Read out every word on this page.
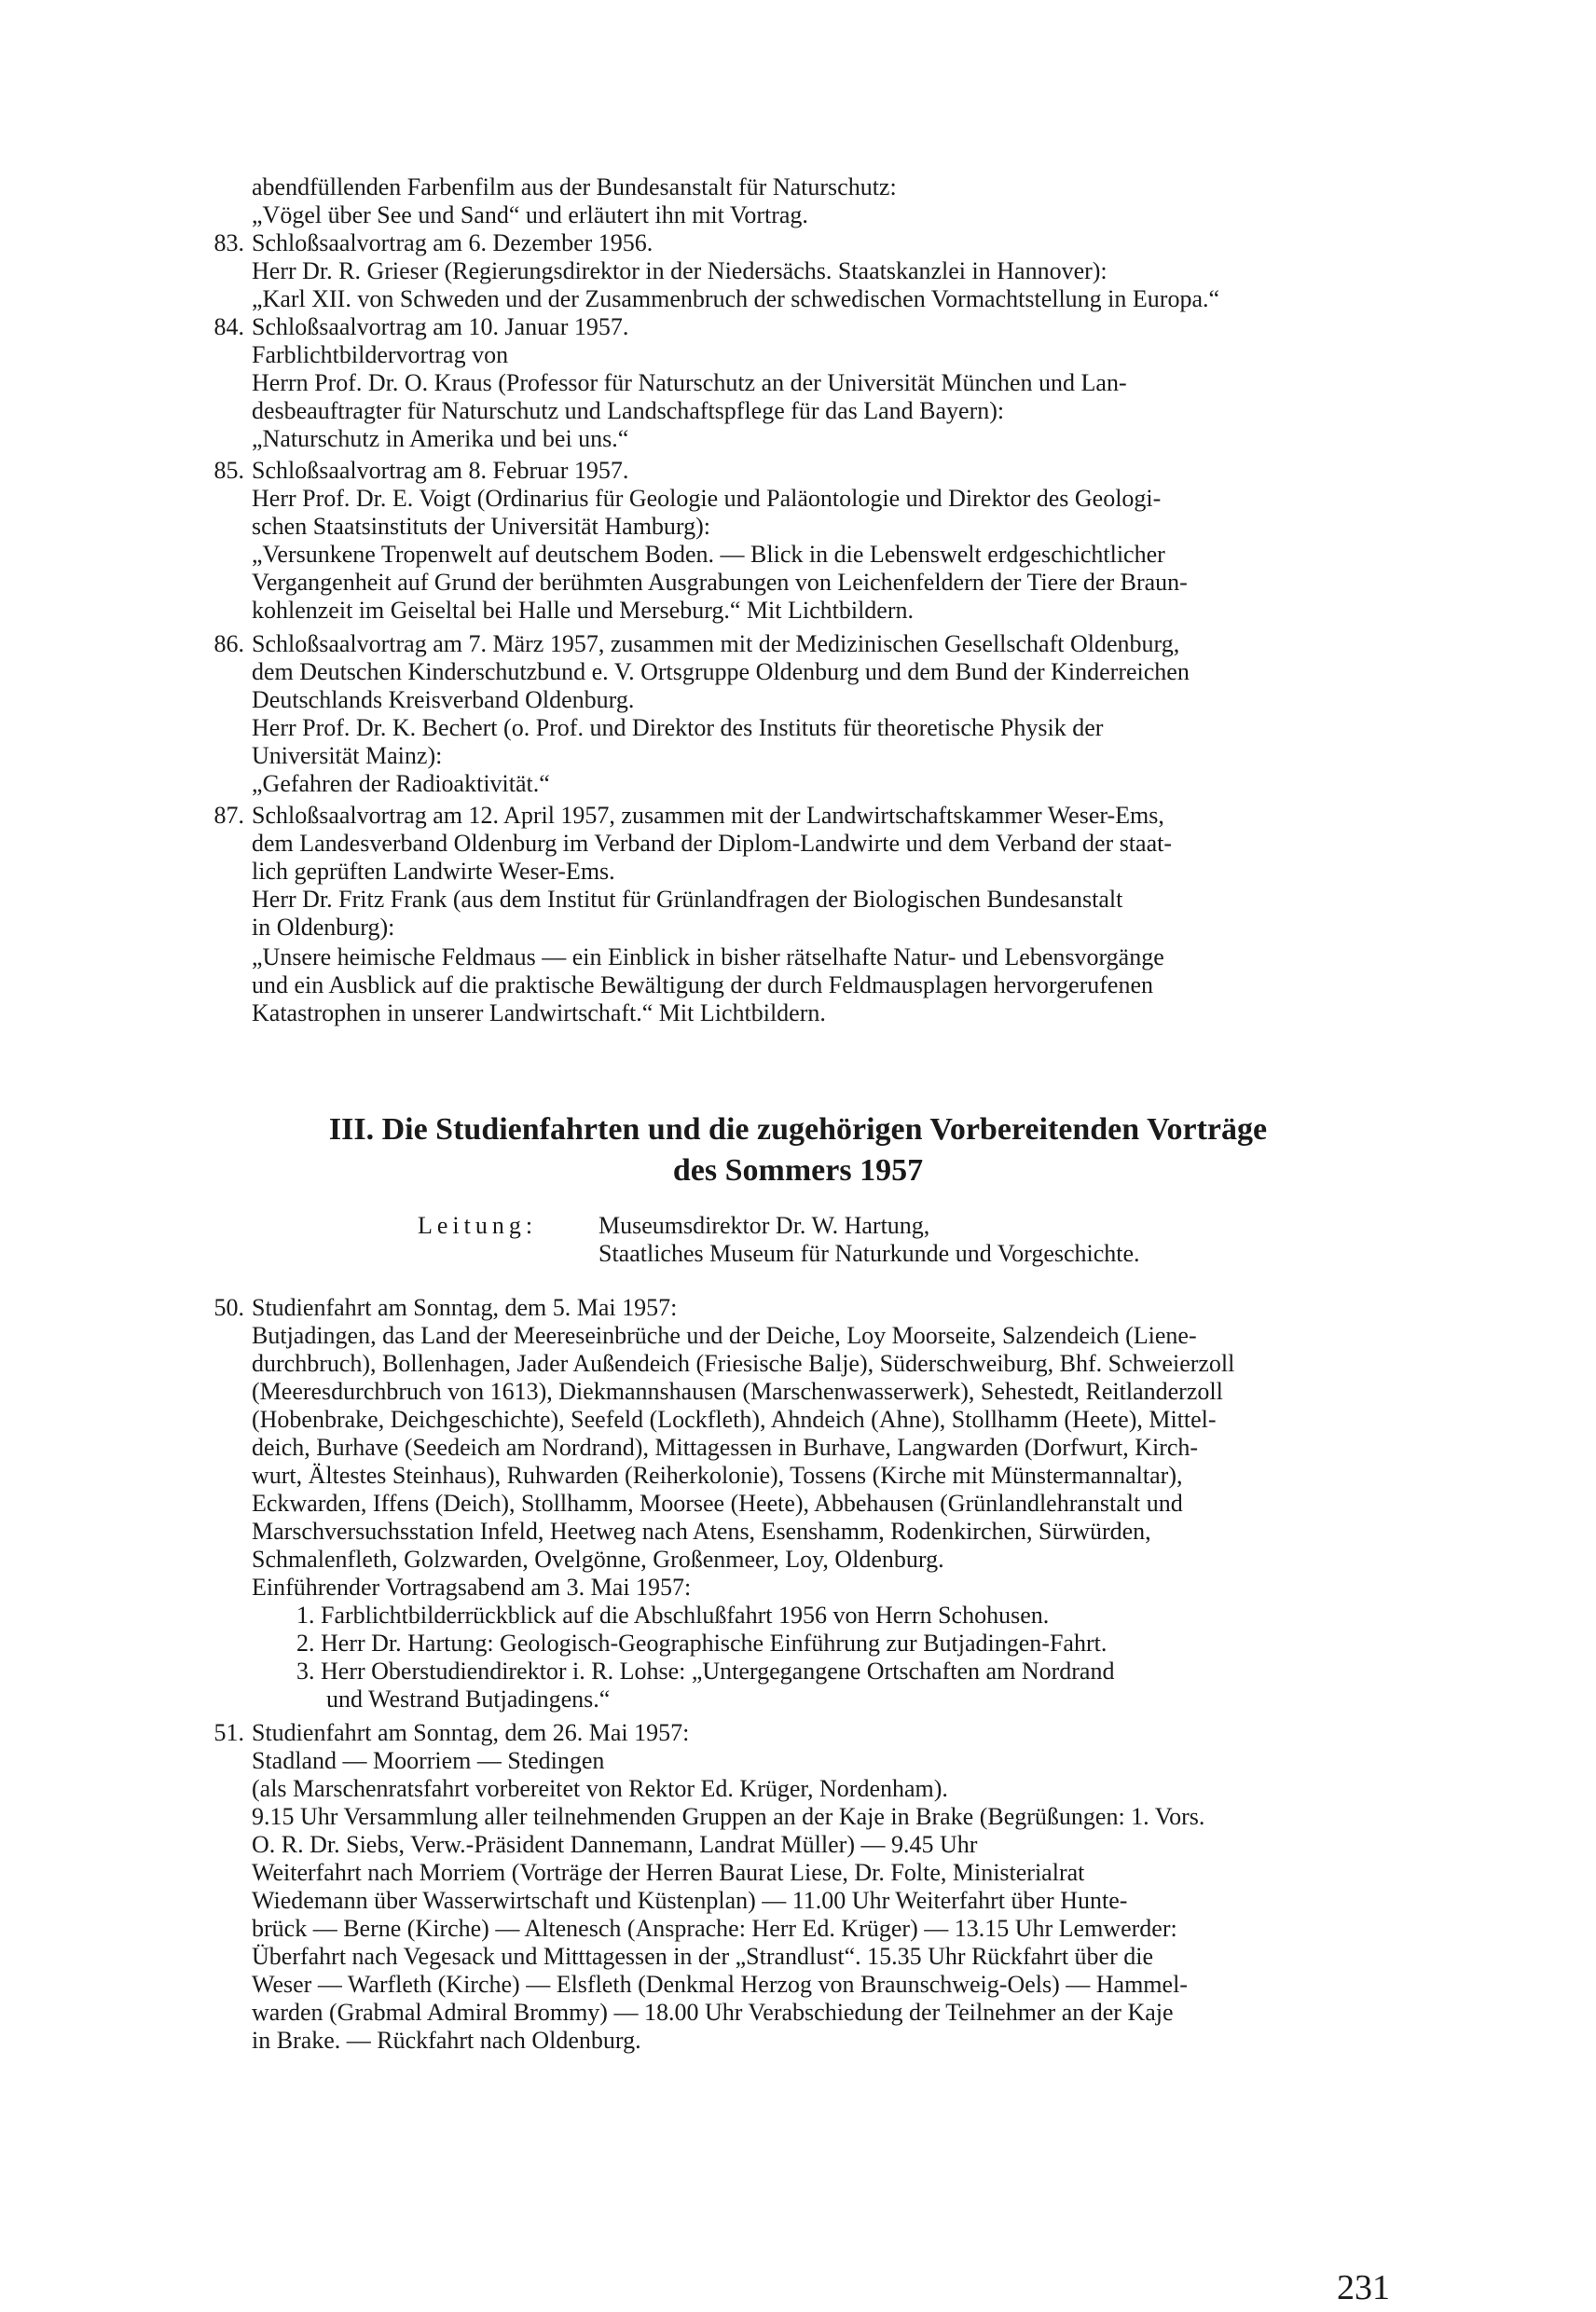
abendfüllenden Farbenfilm aus der Bundesanstalt für Naturschutz:
„Vögel über See und Sand“ und erläutert ihn mit Vortrag.
83. Schloßsaalvortrag am 6. Dezember 1956.
Herr Dr. R. Grieser (Regierungsdirektor in der Niedersächs. Staatskanzlei in Hannover):
„Karl XII. von Schweden und der Zusammenbruch der schwedischen Vormachtstellung in Europa.“
84. Schloßsaalvortrag am 10. Januar 1957.
Farblichtbildervortrag von
Herrn Prof. Dr. O. Kraus (Professor für Naturschutz an der Universität München und Lan-
desbeauftragter für Naturschutz und Landschaftspflege für das Land Bayern):
„Naturschutz in Amerika und bei uns.“
85. Schloßsaalvortrag am 8. Februar 1957.
Herr Prof. Dr. E. Voigt (Ordinarius für Geologie und Paläontologie und Direktor des Geologi-
schen Staatsinstituts der Universität Hamburg):
„Versunkene Tropenwelt auf deutschem Boden. — Blick in die Lebenswelt erdgeschichtlicher
Vergangenheit auf Grund der berühmten Ausgrabungen von Leichenfeldern der Tiere der Braun-
kohlenzeit im Geiseltal bei Halle und Merseburg.“ Mit Lichtbildern.
86. Schloßsaalvortrag am 7. März 1957, zusammen mit der Medizinischen Gesellschaft Oldenburg,
dem Deutschen Kinderschutzbund e. V. Ortsgruppe Oldenburg und dem Bund der Kinderreichen
Deutschlands Kreisverband Oldenburg.
Herr Prof. Dr. K. Bechert (o. Prof. und Direktor des Instituts für theoretische Physik der
Universität Mainz):
„Gefahren der Radioaktivität.“
87. Schloßsaalvortrag am 12. April 1957, zusammen mit der Landwirtschaftskammer Weser-Ems,
dem Landesverband Oldenburg im Verband der Diplom-Landwirte und dem Verband der staat-
lich geprüften Landwirte Weser-Ems.
Herr Dr. Fritz Frank (aus dem Institut für Grünlandfragen der Biologischen Bundesanstalt
in Oldenburg):
„Unsere heimische Feldmaus — ein Einblick in bisher rätselhafte Natur- und Lebensvorgänge
und ein Ausblick auf die praktische Bewältigung der durch Feldmausplagen hervorgerufenen
Katastrophen in unserer Landwirtschaft.“ Mit Lichtbildern.
III. Die Studienfahrten und die zugehörigen Vorbereitenden Vorträge
des Sommers 1957
Leitung:	Museumsdirektor Dr. W. Hartung,
Staatliches Museum für Naturkunde und Vorgeschichte.
50. Studienfahrt am Sonntag, dem 5. Mai 1957:
Butjadingen, das Land der Meereseinbrüche und der Deiche, Loy Moorseite, Salzendeich (Liene-
durchbruch), Bollenhagen, Jader Außendeich (Friesische Balje), Süderschweiburg, Bhf. Schweierzoll
(Meeresdurchbruch von 1613), Diekmannshausen (Marschenwasserwerk), Sehestedt, Reitlanderzoll
(Hobenbrake, Deichgeschichte), Seefeld (Lockfleth), Ahndeich (Ahne), Stollhamm (Heete), Mittel-
deich, Burhave (Seedeich am Nordrand), Mittagessen in Burhave, Langwarden (Dorfwurt, Kirch-
wurt, Ältestes Steinhaus), Ruhwarden (Reiherkolonie), Tossens (Kirche mit Münstermannaltar),
Eckwarden, Iffens (Deich), Stollhamm, Moorsee (Heete), Abbehausen (Grünlandlehranstalt und
Marschversuchsstation Infeld, Heetweg nach Atens, Esenshamm, Rodenkirchen, Sürwürden,
Schmalenfleth, Golzwarden, Ovelgönne, Großenmeer, Loy, Oldenburg.
Einführender Vortragsabend am 3. Mai 1957:
1. Farblichtbilderrückblick auf die Abschlußfahrt 1956 von Herrn Schohusen.
2. Herr Dr. Hartung: Geologisch-Geographische Einführung zur Butjadingen-Fahrt.
3. Herr Oberstudiendirektor i. R. Lohse: „Untergegangene Ortschaften am Nordrand
und Westrand Butjadingens.“
51. Studienfahrt am Sonntag, dem 26. Mai 1957:
Stadland — Moorriem — Stedingen
(als Marschenratsfahrt vorbereitet von Rektor Ed. Krüger, Nordenham).
9.15 Uhr Versammlung aller teilnehmenden Gruppen an der Kaje in Brake (Begrüßungen: 1. Vors.
O. R. Dr. Siebs, Verw.-Präsident Dannemann, Landrat Müller) — 9.45 Uhr
Weiterfahrt nach Morriem (Vorträge der Herren Baurat Liese, Dr. Folte, Ministerialrat
Wiedemann über Wasserwirtschaft und Küstenplan) — 11.00 Uhr Weiterfahrt über Hunte-
brück — Berne (Kirche) — Altenesch (Ansprache: Herr Ed. Krüger) — 13.15 Uhr Lemwerder:
Überfahrt nach Vegesack und Mitttagessen in der „Strandlust“. 15.35 Uhr Rückfahrt über die
Weser — Warfleth (Kirche) — Elsfleth (Denkmal Herzog von Braunschweig-Oels) — Hammel-
warden (Grabmal Admiral Brommy) — 18.00 Uhr Verabschiedung der Teilnehmer an der Kaje
in Brake. — Rückfahrt nach Oldenburg.
231
